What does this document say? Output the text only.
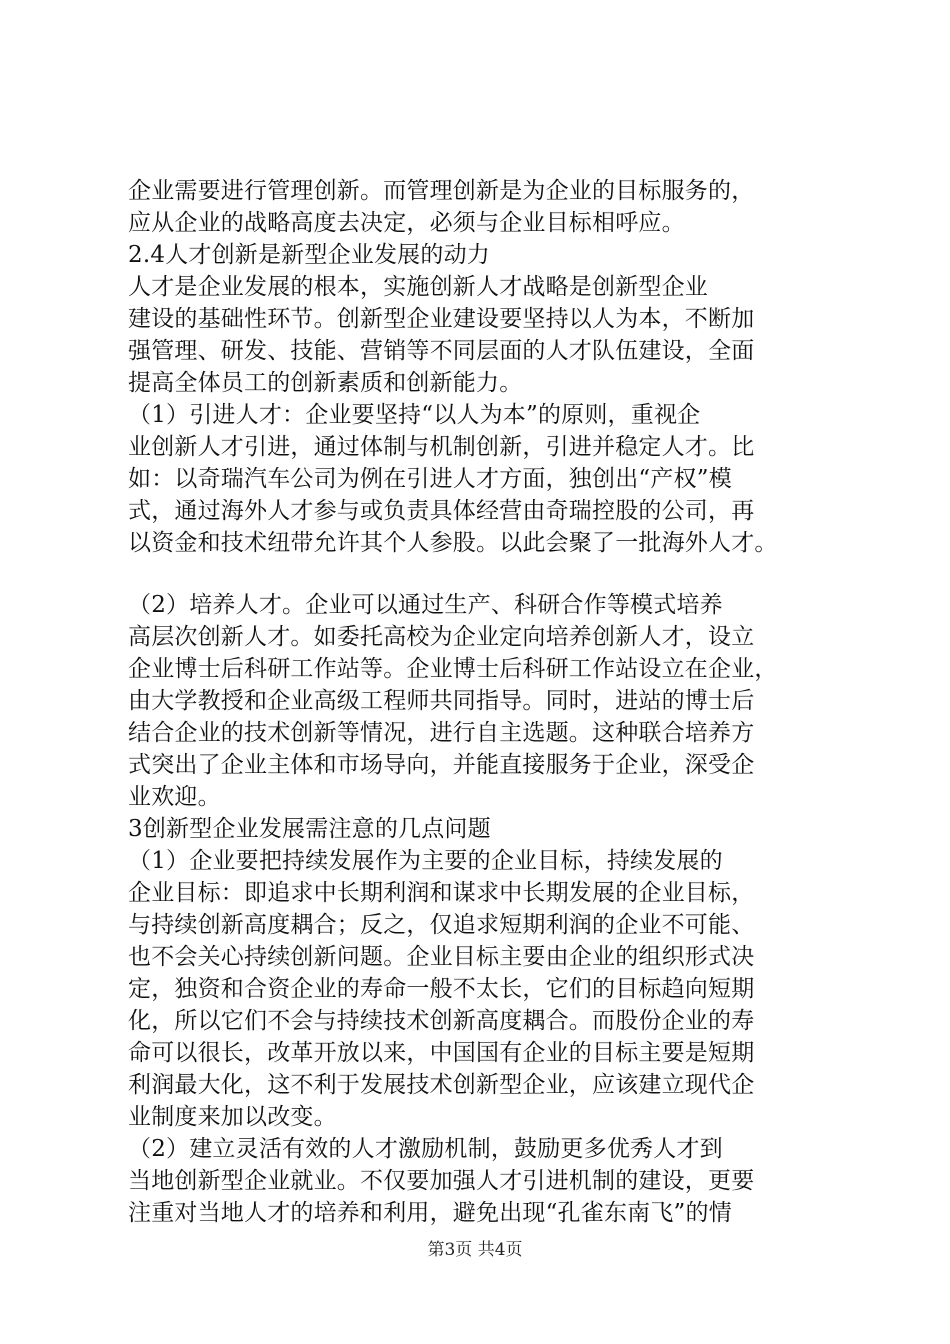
企业需要进行管理创新。而管理创新是为企业的目标服务的，
应从企业的战略高度去决定，必须与企业目标相呼应。
2.4人才创新是新型企业发展的动力
人才是企业发展的根本，实施创新人才战略是创新型企业
建设的基础性环节。创新型企业建设要坚持以人为本，不断加
强管理、研发、技能、营销等不同层面的人才队伍建设，全面
提高全体员工的创新素质和创新能力。
（1）引进人才：企业要坚持“以人为本”的原则，重视企
业创新人才引进，通过体制与机制创新，引进并稳定人才。比
如：以奇瑞汽车公司为例在引进人才方面，独创出“产权”模
式，通过海外人才参与或负责具体经营由奇瑞控股的公司，再
以资金和技术纽带允许其个人参股。以此会聚了一批海外人才。
（2）培养人才。企业可以通过生产、科研合作等模式培养
高层次创新人才。如委托高校为企业定向培养创新人才，设立
企业博士后科研工作站等。企业博士后科研工作站设立在企业，
由大学教授和企业高级工程师共同指导。同时，进站的博士后
结合企业的技术创新等情况，进行自主选题。这种联合培养方
式突出了企业主体和市场导向，并能直接服务于企业，深受企
业欢迎。
3创新型企业发展需注意的几点问题
（1）企业要把持续发展作为主要的企业目标，持续发展的
企业目标：即追求中长期利润和谋求中长期发展的企业目标，
与持续创新高度耦合；反之，仅追求短期利润的企业不可能、
也不会关心持续创新问题。企业目标主要由企业的组织形式决
定，独资和合资企业的寿命一般不太长，它们的目标趋向短期
化，所以它们不会与持续技术创新高度耦合。而股份企业的寿
命可以很长，改革开放以来，中国国有企业的目标主要是短期
利润最大化，这不利于发展技术创新型企业，应该建立现代企
业制度来加以改变。
（2）建立灵活有效的人才激励机制，鼓励更多优秀人才到
当地创新型企业就业。不仅要加强人才引进机制的建设，更要
注重对当地人才的培养和利用，避免出现“孔雀东南飞”的情
第3页 共4页
